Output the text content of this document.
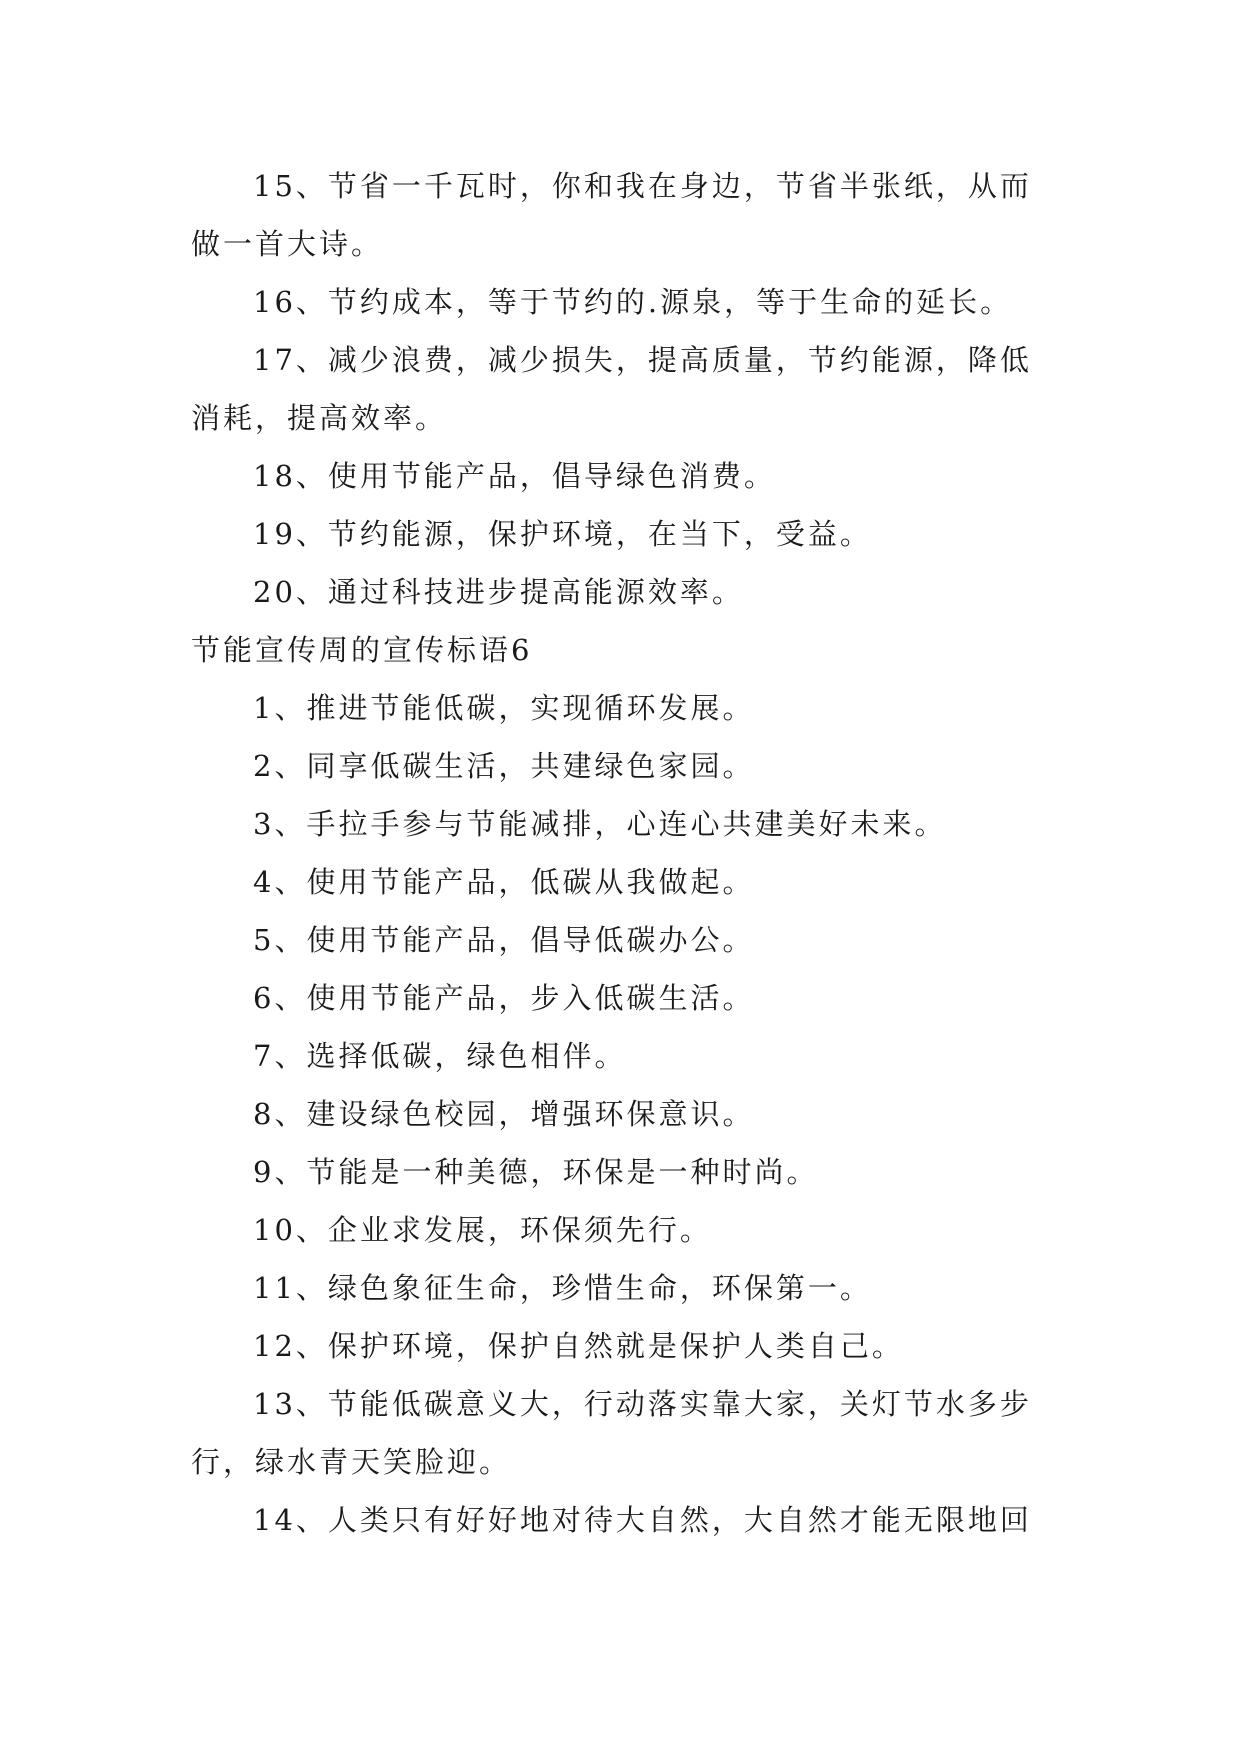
15、节省一千瓦时，你和我在身边，节省半张纸，从而做一首大诗。

16、节约成本，等于节约的.源泉，等于生命的延长。

17、减少浪费，减少损失，提高质量，节约能源，降低消耗，提高效率。

18、使用节能产品，倡导绿色消费。

19、节约能源，保护环境，在当下，受益。

20、通过科技进步提高能源效率。

节能宣传周的宣传标语6

1、推进节能低碳，实现循环发展。

2、同享低碳生活，共建绿色家园。

3、手拉手参与节能减排，心连心共建美好未来。

4、使用节能产品，低碳从我做起。

5、使用节能产品，倡导低碳办公。

6、使用节能产品，步入低碳生活。

7、选择低碳，绿色相伴。

8、建设绿色校园，增强环保意识。

9、节能是一种美德，环保是一种时尚。

10、企业求发展，环保须先行。

11、绿色象征生命，珍惜生命，环保第一。

12、保护环境，保护自然就是保护人类自己。

13、节能低碳意义大，行动落实靠大家，关灯节水多步行，绿水青天笑脸迎。

14、人类只有好好地对待大自然，大自然才能无限地回
